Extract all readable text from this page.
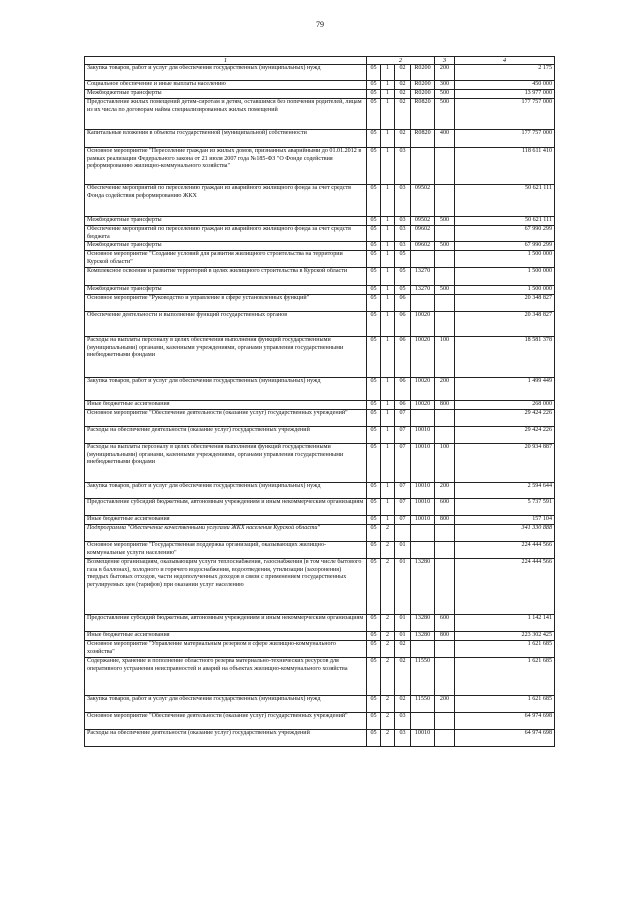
79
1	2				3	4
Закупка товаров, работ и услуг для обеспечения государственных (муниципальных) нужд	05	1	02	R0200	200	2 175
Социальное обеспечение и иные выплаты населению	05	1	02	R0200	300	450 000
Межбюджетные трансферты	05	1	02	R0200	500	13 977 000
Предоставление жилых помещений детям-сиротам и детям, оставшимся без попечения родителей, лицам из их числа по договорам найма специализированных жилых помещений	05	1	02	R0820	500	177 757 000
Капитальные вложения в объекты государственной (муниципальной) собственности	05	1	02	R0820	400	177 757 000
Основное мероприятие "Переселение граждан из жилых домов, признанных аварийными до 01.01.2012 в рамках реализации Федерального закона от 21 июля 2007 года №185-ФЗ "О Фонде содействия реформированию жилищно-коммунального хозяйства"	05	1	03			118 611 410
Обеспечение мероприятий по переселению граждан из аварийного жилищного фонда за счет средств Фонда содействия реформированию ЖКХ	05	1	03	09502		50 621 111
Межбюджетные трансферты	05	1	03	09502	500	50 621 111
Обеспечение мероприятий по переселению граждан из аварийного жилищного фонда за счет средств бюджета	05	1	03	09602		67 990 299
Межбюджетные трансферты	05	1	03	09602	500	67 990 299
Основное мероприятие "Создание условий для развития жилищного строительства на территории Курской области"	05	1	05			1 500 000
Комплексное освоение и развитие территорий в целях жилищного строительства в Курской области	05	1	05	13270		1 500 000
Межбюджетные трансферты	05	1	05	13270	500	1 500 000
Основное мероприятие "Руководство и управление в сфере установленных функций"	05	1	06			20 348 827
Обеспечение деятельности и выполнение функций государственных органов	05	1	06	10020		20 348 827
Расходы на выплаты персоналу в целях обеспечения выполнения функций государственными (муниципальными) органами, казенными учреждениями, органами управления государственными внебюджетными фондами	05	1	06	10020	100	18 581 378
Закупка товаров, работ и услуг для обеспечения государственных (муниципальных) нужд	05	1	06	10020	200	1 499 449
Иные бюджетные ассигнования	05	1	06	10020	800	268 000
Основное мероприятие "Обеспечение деятельности (оказание услуг) государственных учреждений"	05	1	07			29 424 226
Расходы на обеспечение деятельности (оказание услуг) государственных учреждений	05	1	07	10010		29 424 226
Расходы на выплаты персоналу в целях обеспечения выполнения функций государственными (муниципальными) органами, казенными учреждениями, органами управления государственными внебюджетными фондами	05	1	07	10010	100	20 934 887
Закупка товаров, работ и услуг для обеспечения государственных (муниципальных) нужд	05	1	07	10010	200	2 594 644
Предоставление субсидий бюджетным, автономным учреждениям и иным некоммерческим организациям	05	1	07	10010	600	5 737 591
Иные бюджетные ассигнования	05	1	07	10010	800	157 104
Подпрограмма "Обеспечение качественными услугами ЖКХ населения Курской области"	05	2				341 330 888
Основное мероприятие "Государственная поддержка организаций, оказывающих жилищно-коммунальные услуги населению"	05	2	01			224 444 566
Возмещение организациям, оказывающим услуги теплоснабжения, газоснабжения (в том числе бытового газа в баллонах), холодного и горячего водоснабжения, водоотведения, утилизации (захоронения) твердых бытовых отходов, части недополученных доходов в связи с применением государственных регулируемых цен (тарифов) при оказании услуг населению	05	2	01	13280		224 444 566
Предоставление субсидий бюджетным, автономным учреждениям и иным некоммерческим организациям	05	2	01	13280	600	1 142 141
Иные бюджетные ассигнования	05	2	01	13280	800	223 302 425
Основное мероприятие "Управление материальным резервом в сфере жилищно-коммунального хозяйства"	05	2	02			1 621 685
Содержание, хранение и пополнение областного резерва материально-технических ресурсов для оперативного устранения неисправностей и аварий на объектах жилищно-коммунального хозяйства	05	2	02	11550		1 621 685
Закупка товаров, работ и услуг для обеспечения государственных (муниципальных) нужд	05	2	02	11550	200	1 621 685
Основное мероприятие "Обеспечение деятельности (оказание услуг) государственных учреждений"	05	2	03			64 974 698
Расходы на обеспечение деятельности (оказание услуг) государственных учреждений	05	2	03	10010		64 974 698
